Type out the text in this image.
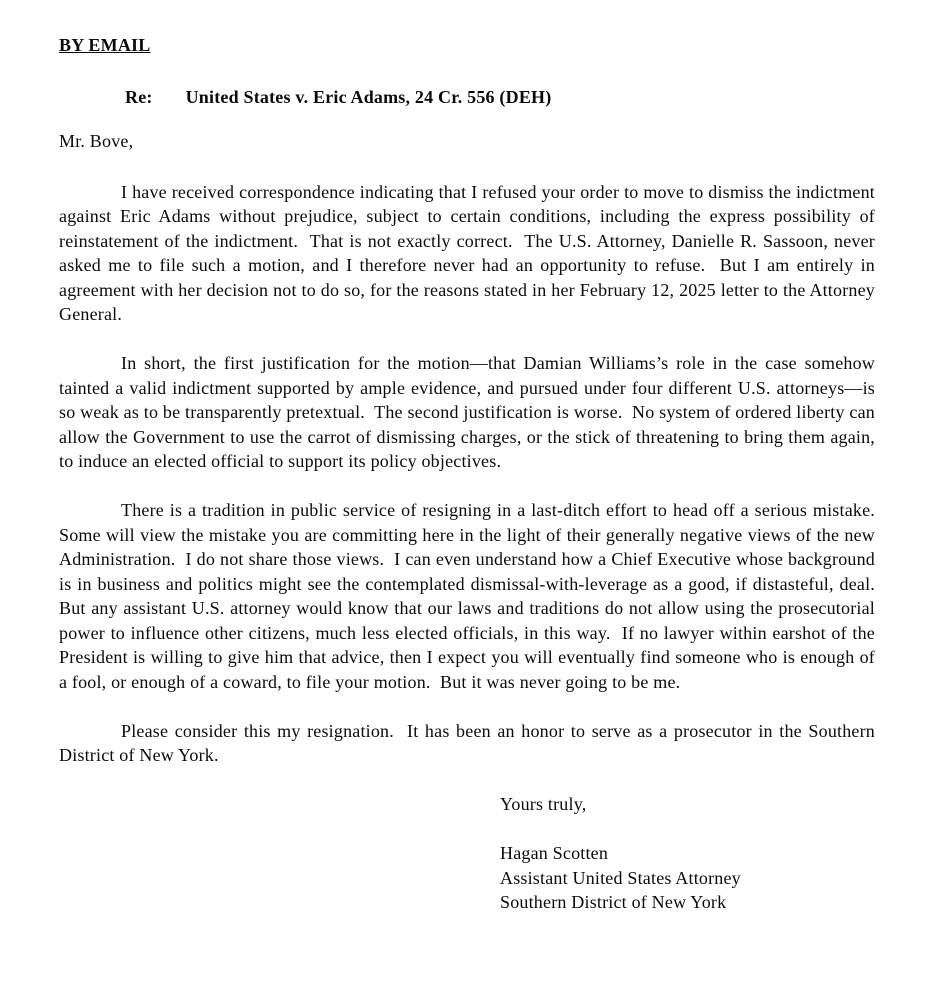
BY EMAIL
Re: United States v. Eric Adams, 24 Cr. 556 (DEH)
Mr. Bove,

I have received correspondence indicating that I refused your order to move to dismiss the indictment against Eric Adams without prejudice, subject to certain conditions, including the express possibility of reinstatement of the indictment.  That is not exactly correct.  The U.S. Attorney, Danielle R. Sassoon, never asked me to file such a motion, and I therefore never had an opportunity to refuse.  But I am entirely in agreement with her decision not to do so, for the reasons stated in her February 12, 2025 letter to the Attorney General.

In short, the first justification for the motion—that Damian Williams’s role in the case somehow tainted a valid indictment supported by ample evidence, and pursued under four different U.S. attorneys—is so weak as to be transparently pretextual.  The second justification is worse.  No system of ordered liberty can allow the Government to use the carrot of dismissing charges, or the stick of threatening to bring them again, to induce an elected official to support its policy objectives.

There is a tradition in public service of resigning in a last-ditch effort to head off a serious mistake.  Some will view the mistake you are committing here in the light of their generally negative views of the new Administration.  I do not share those views.  I can even understand how a Chief Executive whose background is in business and politics might see the contemplated dismissal-with-leverage as a good, if distasteful, deal.  But any assistant U.S. attorney would know that our laws and traditions do not allow using the prosecutorial power to influence other citizens, much less elected officials, in this way.  If no lawyer within earshot of the President is willing to give him that advice, then I expect you will eventually find someone who is enough of a fool, or enough of a coward, to file your motion.  But it was never going to be me.

Please consider this my resignation.  It has been an honor to serve as a prosecutor in the Southern District of New York.

Yours truly,

Hagan Scotten

Assistant United States Attorney

Southern District of New York
